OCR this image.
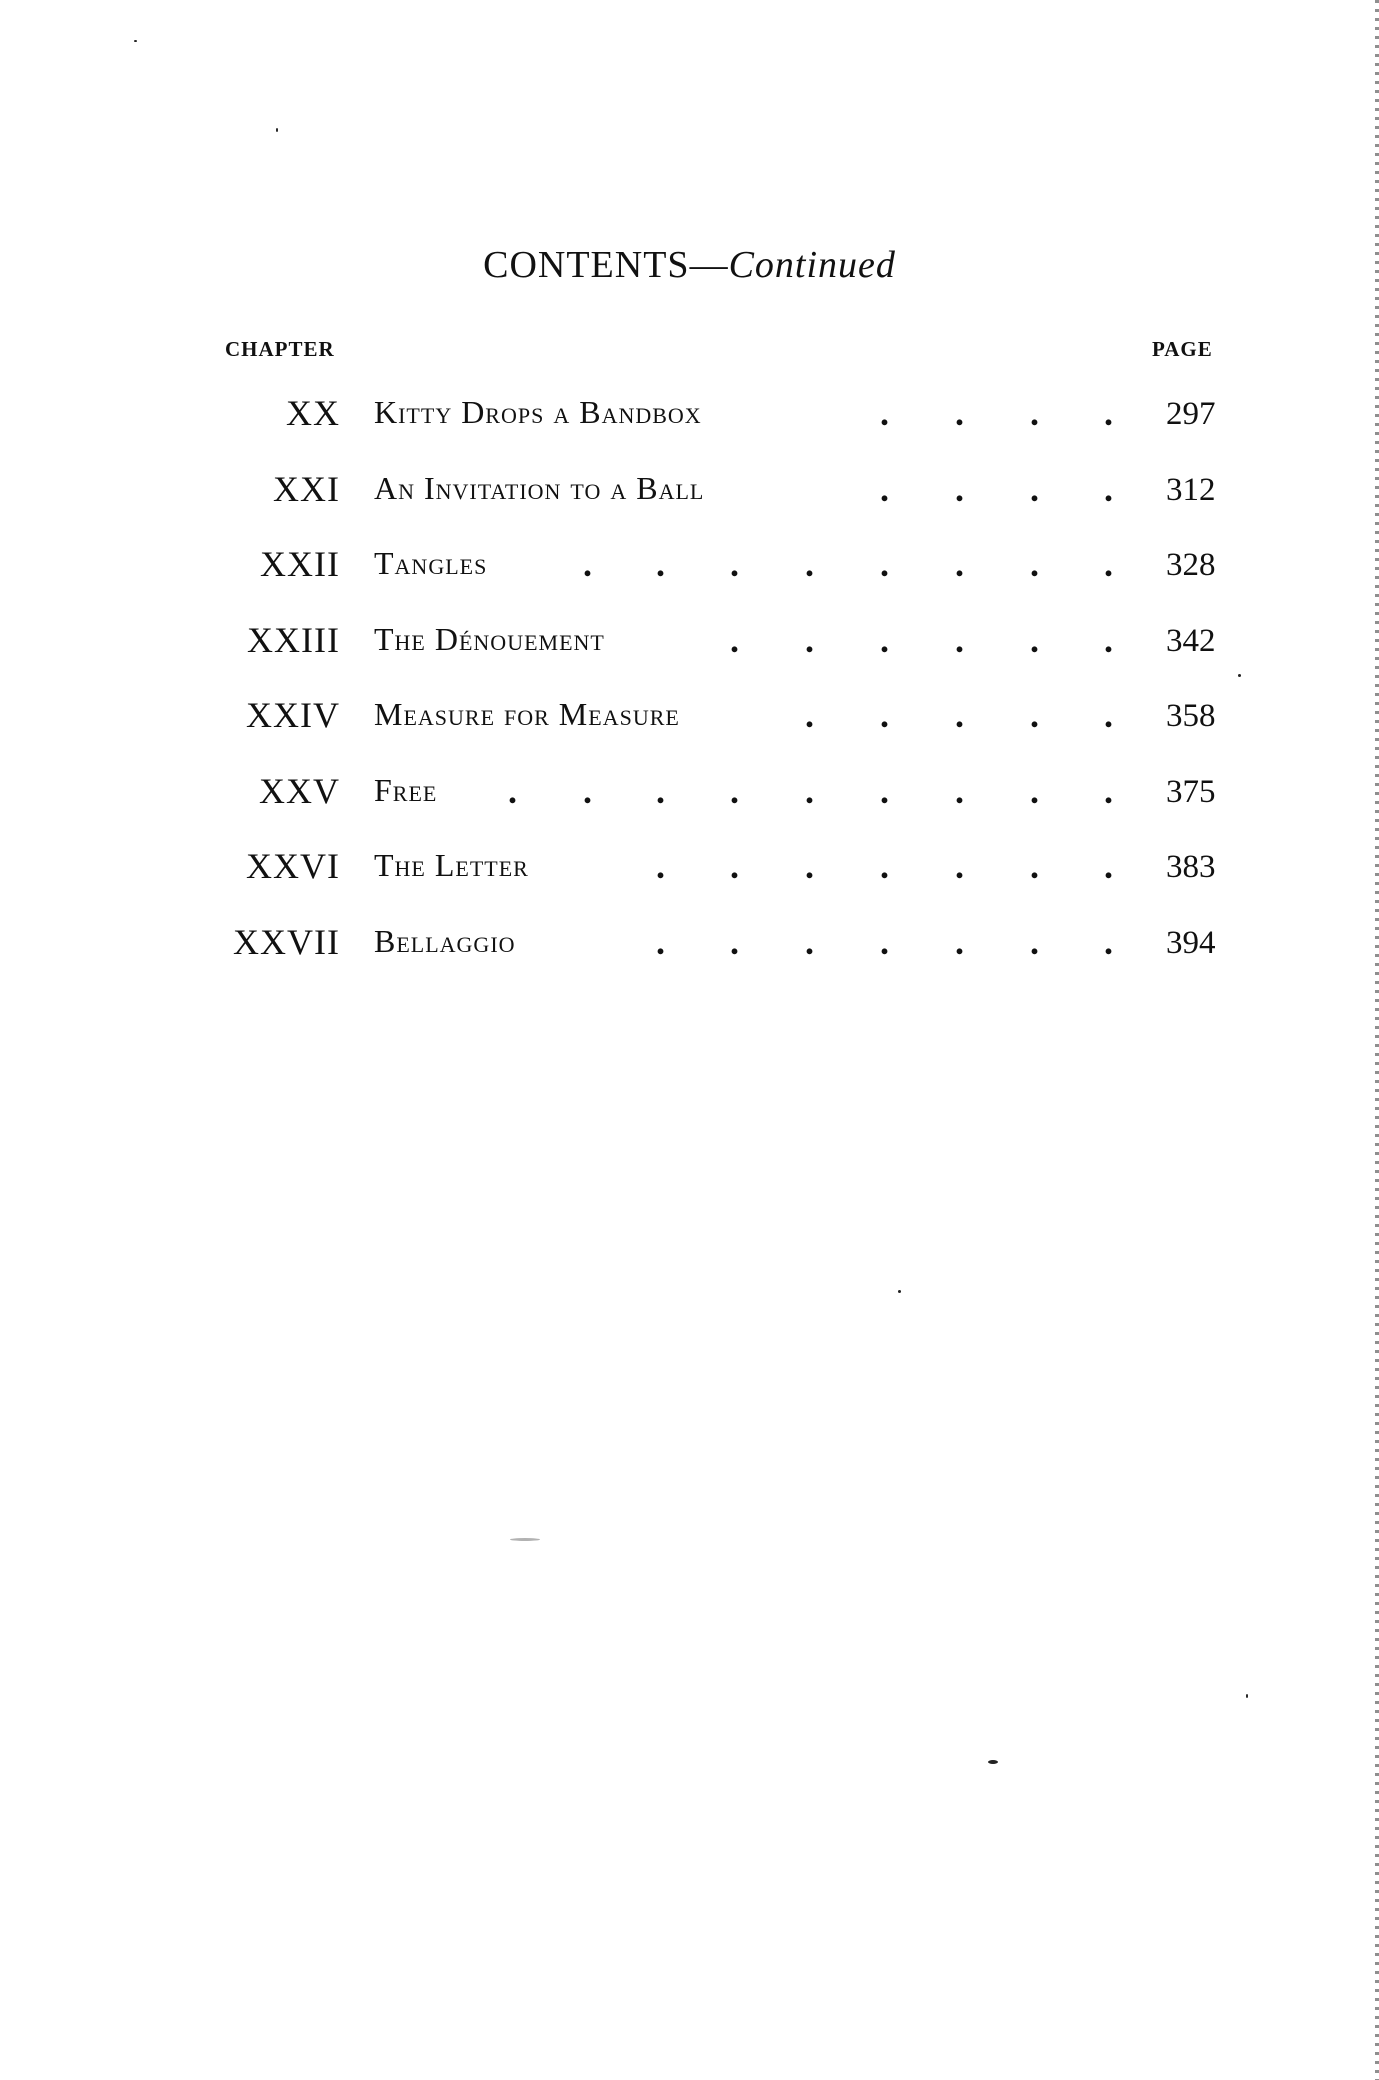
CONTENTS—Continued
CHAPTER	PAGE
XX Kitty Drops a Bandbox	. . . . 297
XXI An Invitation to a Ball	. . . . 312
XXII Tangles	. . . . . . . . 328
XXIII The Dénouement	. . . . . . 342
XXIV Measure for Measure	. . . . . 358
XXV Free . . . . . . . . . 375
XXVI The Letter	. . . . . . . 383
XXVII Bellaggio	. . . . . . . 394
